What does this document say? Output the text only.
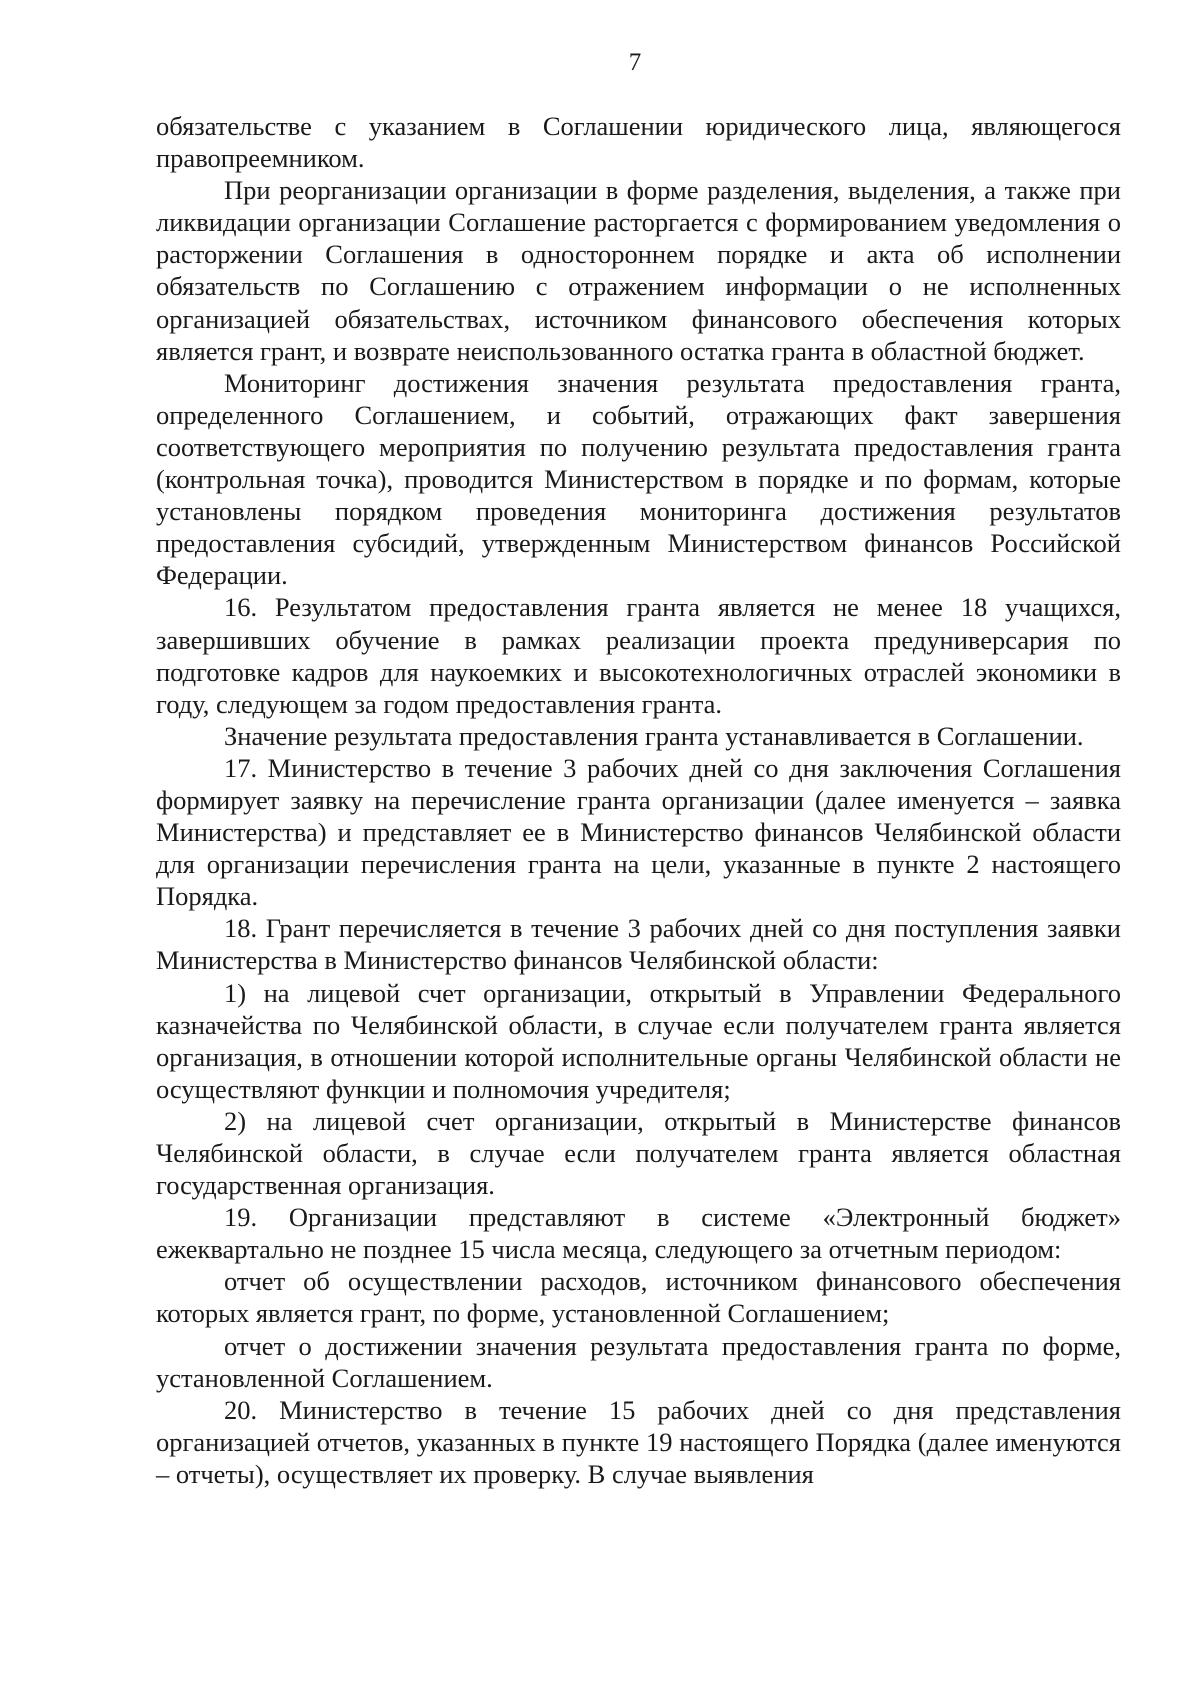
7

обязательстве с указанием в Соглашении юридического лица, являющегося правопреемником.

При реорганизации организации в форме разделения, выделения, а также при ликвидации организации Соглашение расторгается с формированием уведомления о расторжении Соглашения в одностороннем порядке и акта об исполнении обязательств по Соглашению с отражением информации о не исполненных организацией обязательствах, источником финансового обеспечения которых является грант, и возврате неиспользованного остатка гранта в областной бюджет.

Мониторинг достижения значения результата предоставления гранта, определенного Соглашением, и событий, отражающих факт завершения соответствующего мероприятия по получению результата предоставления гранта (контрольная точка), проводится Министерством в порядке и по формам, которые установлены порядком проведения мониторинга достижения результатов предоставления субсидий, утвержденным Министерством финансов Российской Федерации.

16. Результатом предоставления гранта является не менее 18 учащихся, завершивших обучение в рамках реализации проекта предуниверсария по подготовке кадров для наукоемких и высокотехнологичных отраслей экономики в году, следующем за годом предоставления гранта.

Значение результата предоставления гранта устанавливается в Соглашении.

17. Министерство в течение 3 рабочих дней со дня заключения Соглашения формирует заявку на перечисление гранта организации (далее именуется – заявка Министерства) и представляет ее в Министерство финансов Челябинской области для организации перечисления гранта на цели, указанные в пункте 2 настоящего Порядка.

18. Грант перечисляется в течение 3 рабочих дней со дня поступления заявки Министерства в Министерство финансов Челябинской области:

1) на лицевой счет организации, открытый в Управлении Федерального казначейства по Челябинской области, в случае если получателем гранта является организация, в отношении которой исполнительные органы Челябинской области не осуществляют функции и полномочия учредителя;

2) на лицевой счет организации, открытый в Министерстве финансов Челябинской области, в случае если получателем гранта является областная государственная организация.

19. Организации представляют в системе «Электронный бюджет» ежеквартально не позднее 15 числа месяца, следующего за отчетным периодом:

отчет об осуществлении расходов, источником финансового обеспечения которых является грант, по форме, установленной Соглашением;

отчет о достижении значения результата предоставления гранта по форме, установленной Соглашением.

20. Министерство в течение 15 рабочих дней со дня представления организацией отчетов, указанных в пункте 19 настоящего Порядка (далее именуются – отчеты), осуществляет их проверку. В случае выявления
